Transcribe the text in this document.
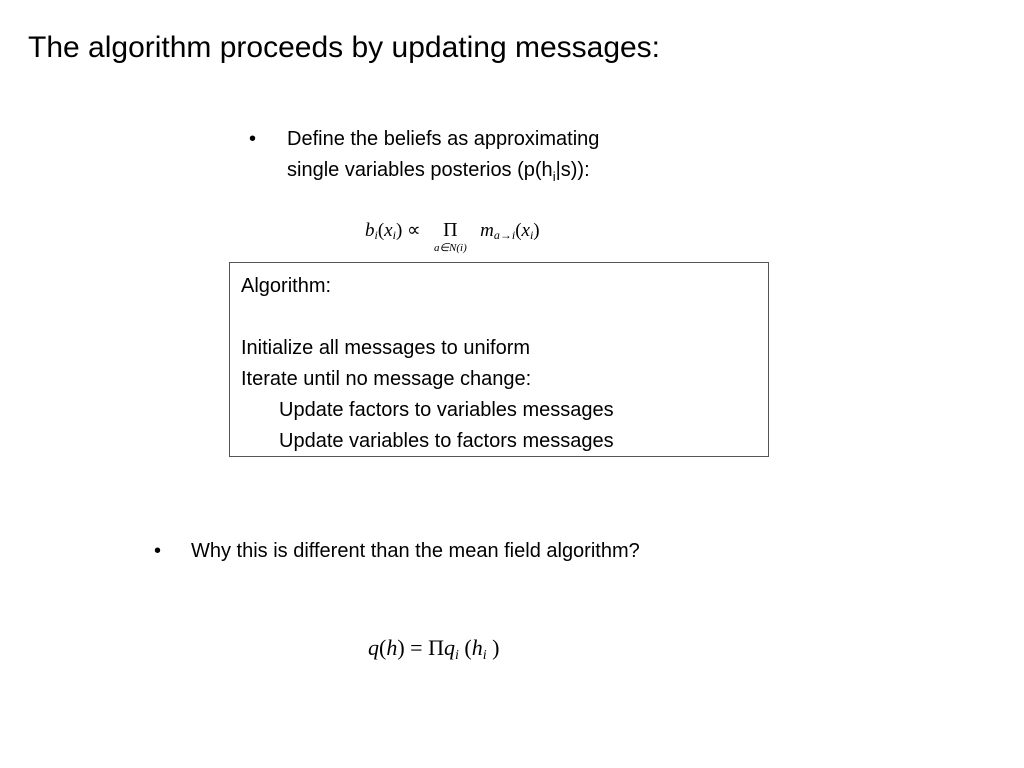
The algorithm proceeds by updating messages:
• Define the beliefs as approximating
single variables posterios $(p(h_i|s))$:
$b_i(x_i)$ ∝	Π
a∈N(i)
$m_{a\to i}(x_i)$
Algorithm:
Initialize all messages to uniform
Iterate until no message change:
Update factors to variables messages
Update variables to factors messages
• Why this is different than the mean field algorithm?
$q(h) = \Pi q_i$ ($h_i$ )
